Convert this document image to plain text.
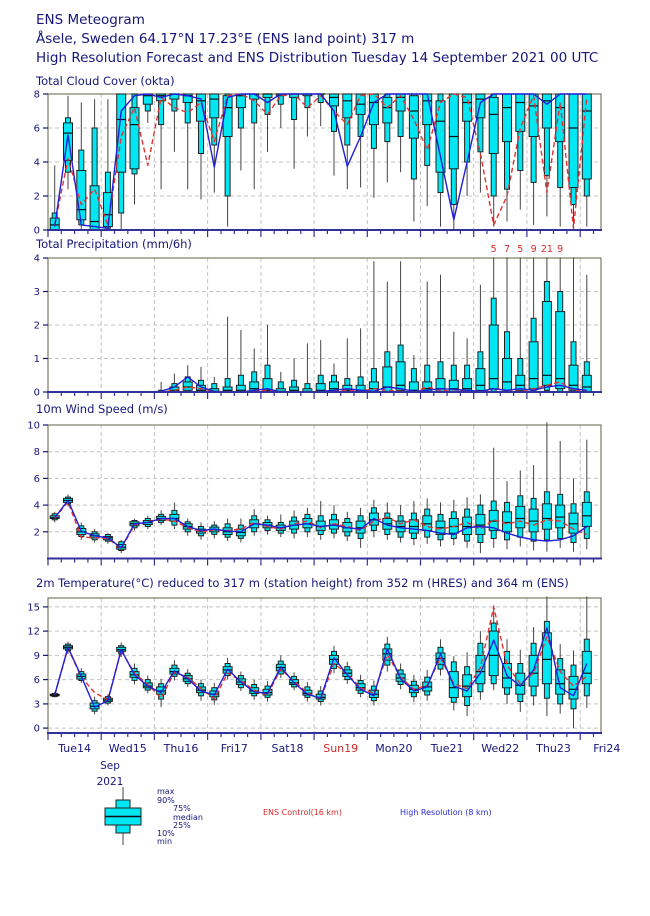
ENS Meteogram
Åsele, Sweden 64.17°N 17.23°E (ENS land point) 317 m
High Resolution Forecast and ENS Distribution Tuesday 14 September 2021 00 UTC
Total Cloud Cover (okta)
0
2
4
6
8
Total Precipitation (mm/6h)
0
1
2
3
4
5 7 5 9 21 9
10m Wind Speed (m/s)
2
4
6
8
10
2m Temperature(°C) reduced to 317 m (station height) from 352 m (HRES) and 364 m (ENS)
0
3
6
9
12
15
Tue14 Wed15 Thu16 Fri17 Sat18 Sun19 Mon20 Tue21 Wed22 Thu23 Fri24
Sep
2021
max
90%
75%
median
25%
10%
min
ENS Control(16 km)	High Resolution (8 km)
